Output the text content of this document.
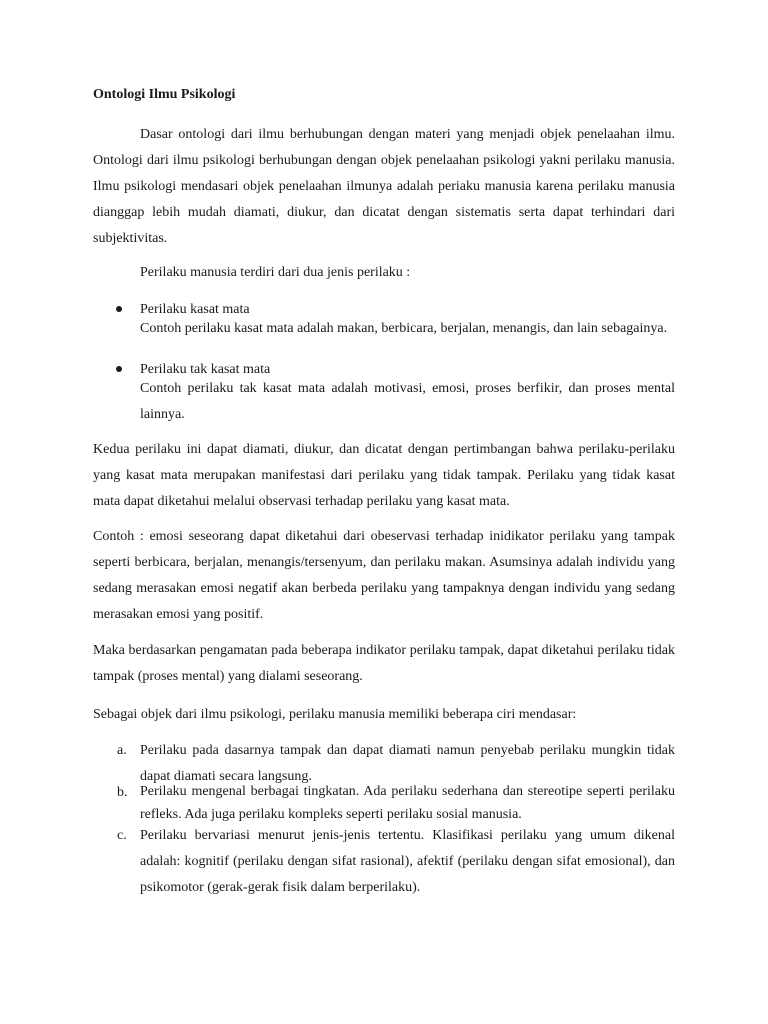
Ontologi Ilmu Psikologi

Dasar ontologi dari ilmu berhubungan dengan materi yang menjadi objek penelaahan ilmu. Ontologi dari ilmu psikologi berhubungan dengan objek penelaahan psikologi yakni perilaku manusia. Ilmu psikologi mendasari objek penelaahan ilmunya adalah periaku manusia karena perilaku manusia dianggap lebih mudah diamati, diukur, dan dicatat dengan sistematis serta dapat terhindari dari subjektivitas.

Perilaku manusia terdiri dari dua jenis perilaku :

Perilaku kasat mata
Contoh perilaku kasat mata adalah makan, berbicara, berjalan, menangis, dan lain sebagainya.
Perilaku tak kasat mata
Contoh perilaku tak kasat mata adalah motivasi, emosi, proses berfikir, dan proses mental lainnya.

Kedua perilaku ini dapat diamati, diukur, dan dicatat dengan pertimbangan bahwa perilaku-perilaku yang kasat mata merupakan manifestasi dari perilaku yang tidak tampak. Perilaku yang tidak kasat mata dapat diketahui melalui observasi terhadap perilaku yang kasat mata.

Contoh : emosi seseorang dapat diketahui dari obeservasi terhadap inidikator perilaku yang tampak seperti berbicara, berjalan, menangis/tersenyum, dan perilaku makan. Asumsinya adalah individu yang sedang merasakan emosi negatif akan berbeda perilaku yang tampaknya dengan individu yang sedang merasakan emosi yang positif.

Maka berdasarkan pengamatan pada beberapa indikator perilaku tampak, dapat diketahui perilaku tidak tampak (proses mental) yang dialami seseorang.

Sebagai objek dari ilmu psikologi, perilaku manusia memiliki beberapa ciri mendasar:

a. Perilaku pada dasarnya tampak dan dapat diamati namun penyebab perilaku mungkin tidak dapat diamati secara langsung.
b. Perilaku mengenal berbagai tingkatan. Ada perilaku sederhana dan stereotipe seperti perilaku refleks. Ada juga perilaku kompleks seperti perilaku sosial manusia.
c. Perilaku bervariasi menurut jenis-jenis tertentu. Klasifikasi perilaku yang umum dikenal adalah: kognitif (perilaku dengan sifat rasional), afektif (perilaku dengan sifat emosional), dan psikomotor (gerak-gerak fisik dalam berperilaku).
